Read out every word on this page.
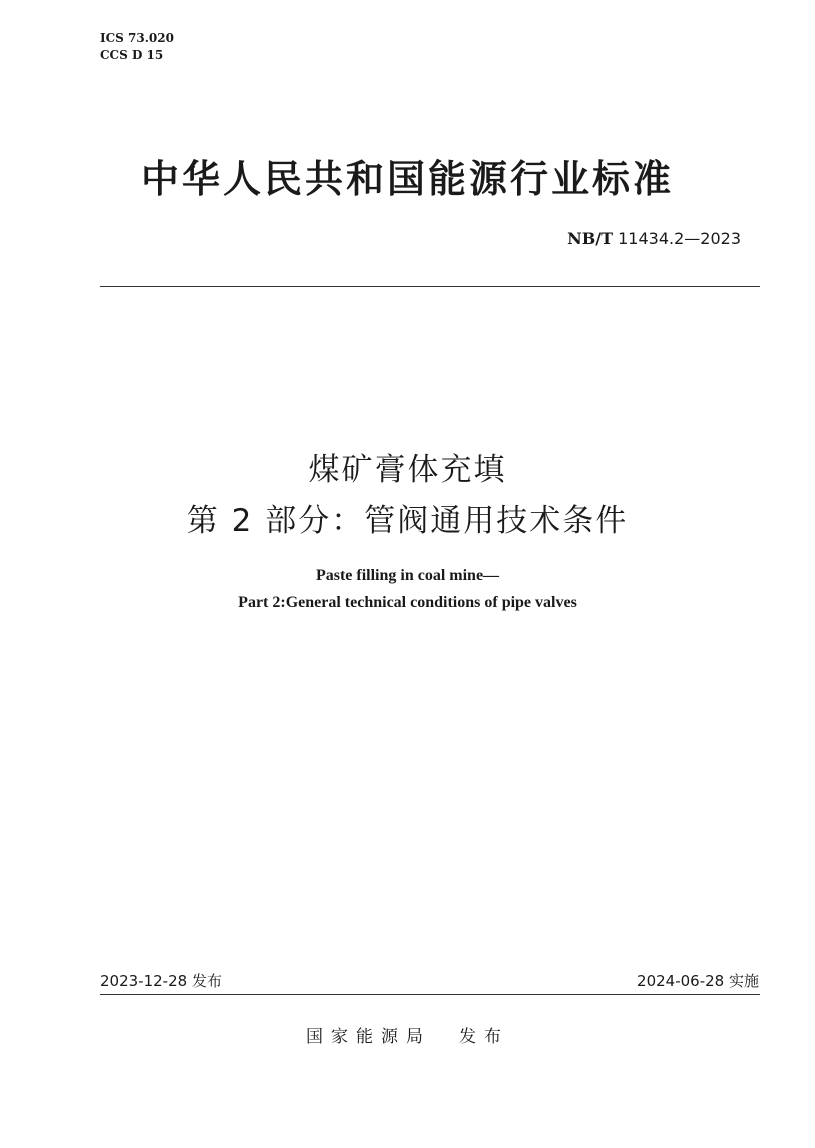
ICS 73.020
CCS D 15
中华人民共和国能源行业标准
NB/T 11434.2—2023
煤矿膏体充填
第 2 部分：管阀通用技术条件
Paste filling in coal mine—
Part 2:General technical conditions of pipe valves
2023-12-28 发布	2024-06-28 实施
国家能源局 发布
